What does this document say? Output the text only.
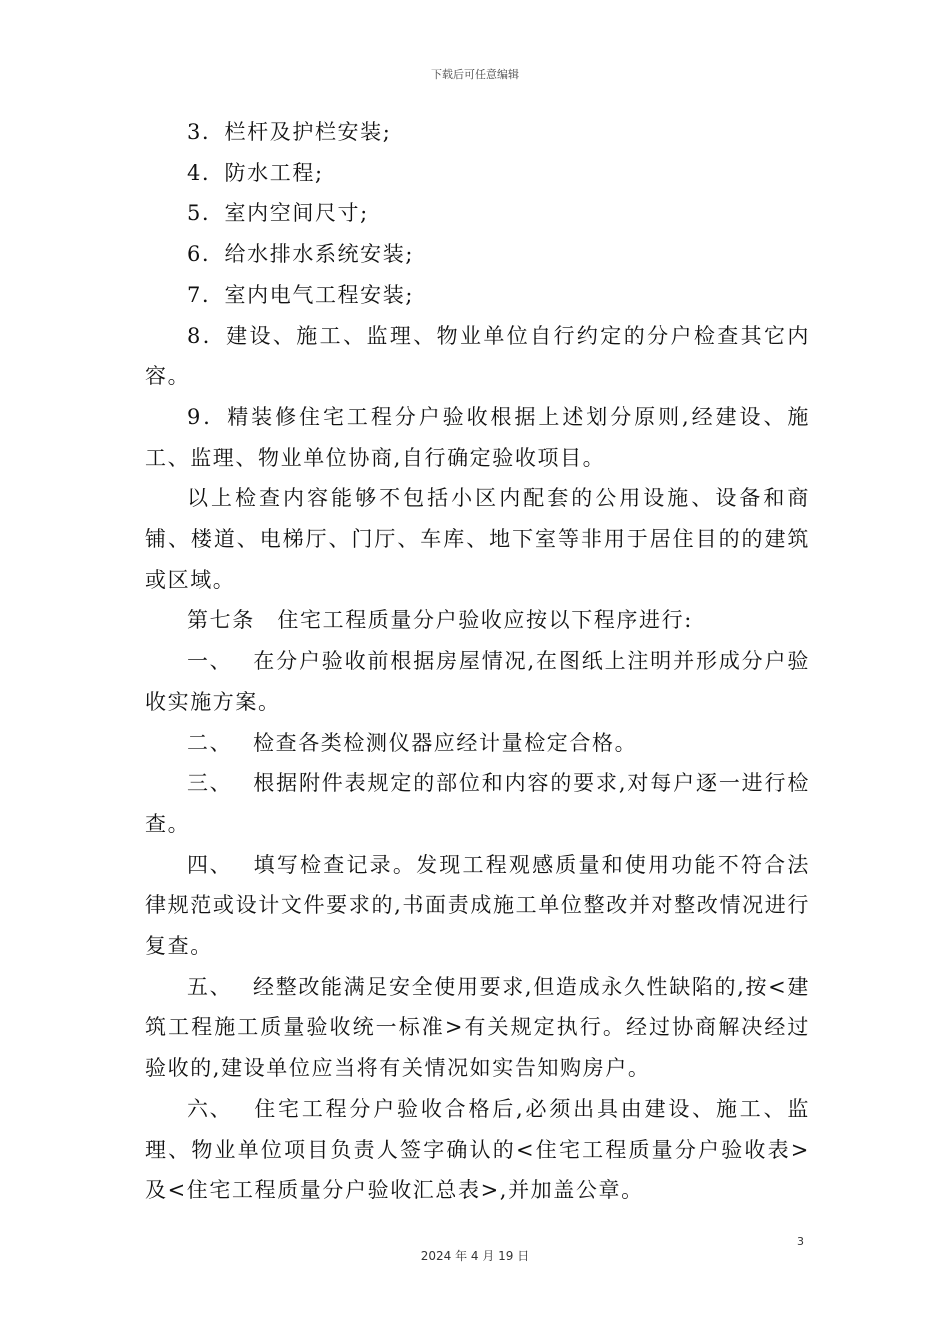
下载后可任意编辑

3．栏杆及护栏安装;

4．防水工程;

5．室内空间尺寸;

6．给水排水系统安装;

7．室内电气工程安装;

8．建设、施工、监理、物业单位自行约定的分户检查其它内容。

9．精装修住宅工程分户验收根据上述划分原则,经建设、施工、监理、物业单位协商,自行确定验收项目。

以上检查内容能够不包括小区内配套的公用设施、设备和商铺、楼道、电梯厅、门厅、车库、地下室等非用于居住目的的建筑或区域。

第七条　住宅工程质量分户验收应按以下程序进行:

一、 在分户验收前根据房屋情况,在图纸上注明并形成分户验收实施方案。

二、 检查各类检测仪器应经计量检定合格。

三、 根据附件表规定的部位和内容的要求,对每户逐一进行检查。

四、 填写检查记录。发现工程观感质量和使用功能不符合法律规范或设计文件要求的,书面责成施工单位整改并对整改情况进行复查。

五、 经整改能满足安全使用要求,但造成永久性缺陷的,按<建筑工程施工质量验收统一标准>有关规定执行。经过协商解决经过验收的,建设单位应当将有关情况如实告知购房户。

六、 住宅工程分户验收合格后,必须出具由建设、施工、监理、物业单位项目负责人签字确认的<住宅工程质量分户验收表>及<住宅工程质量分户验收汇总表>,并加盖公章。

3
2024 年 4 月 19 日
